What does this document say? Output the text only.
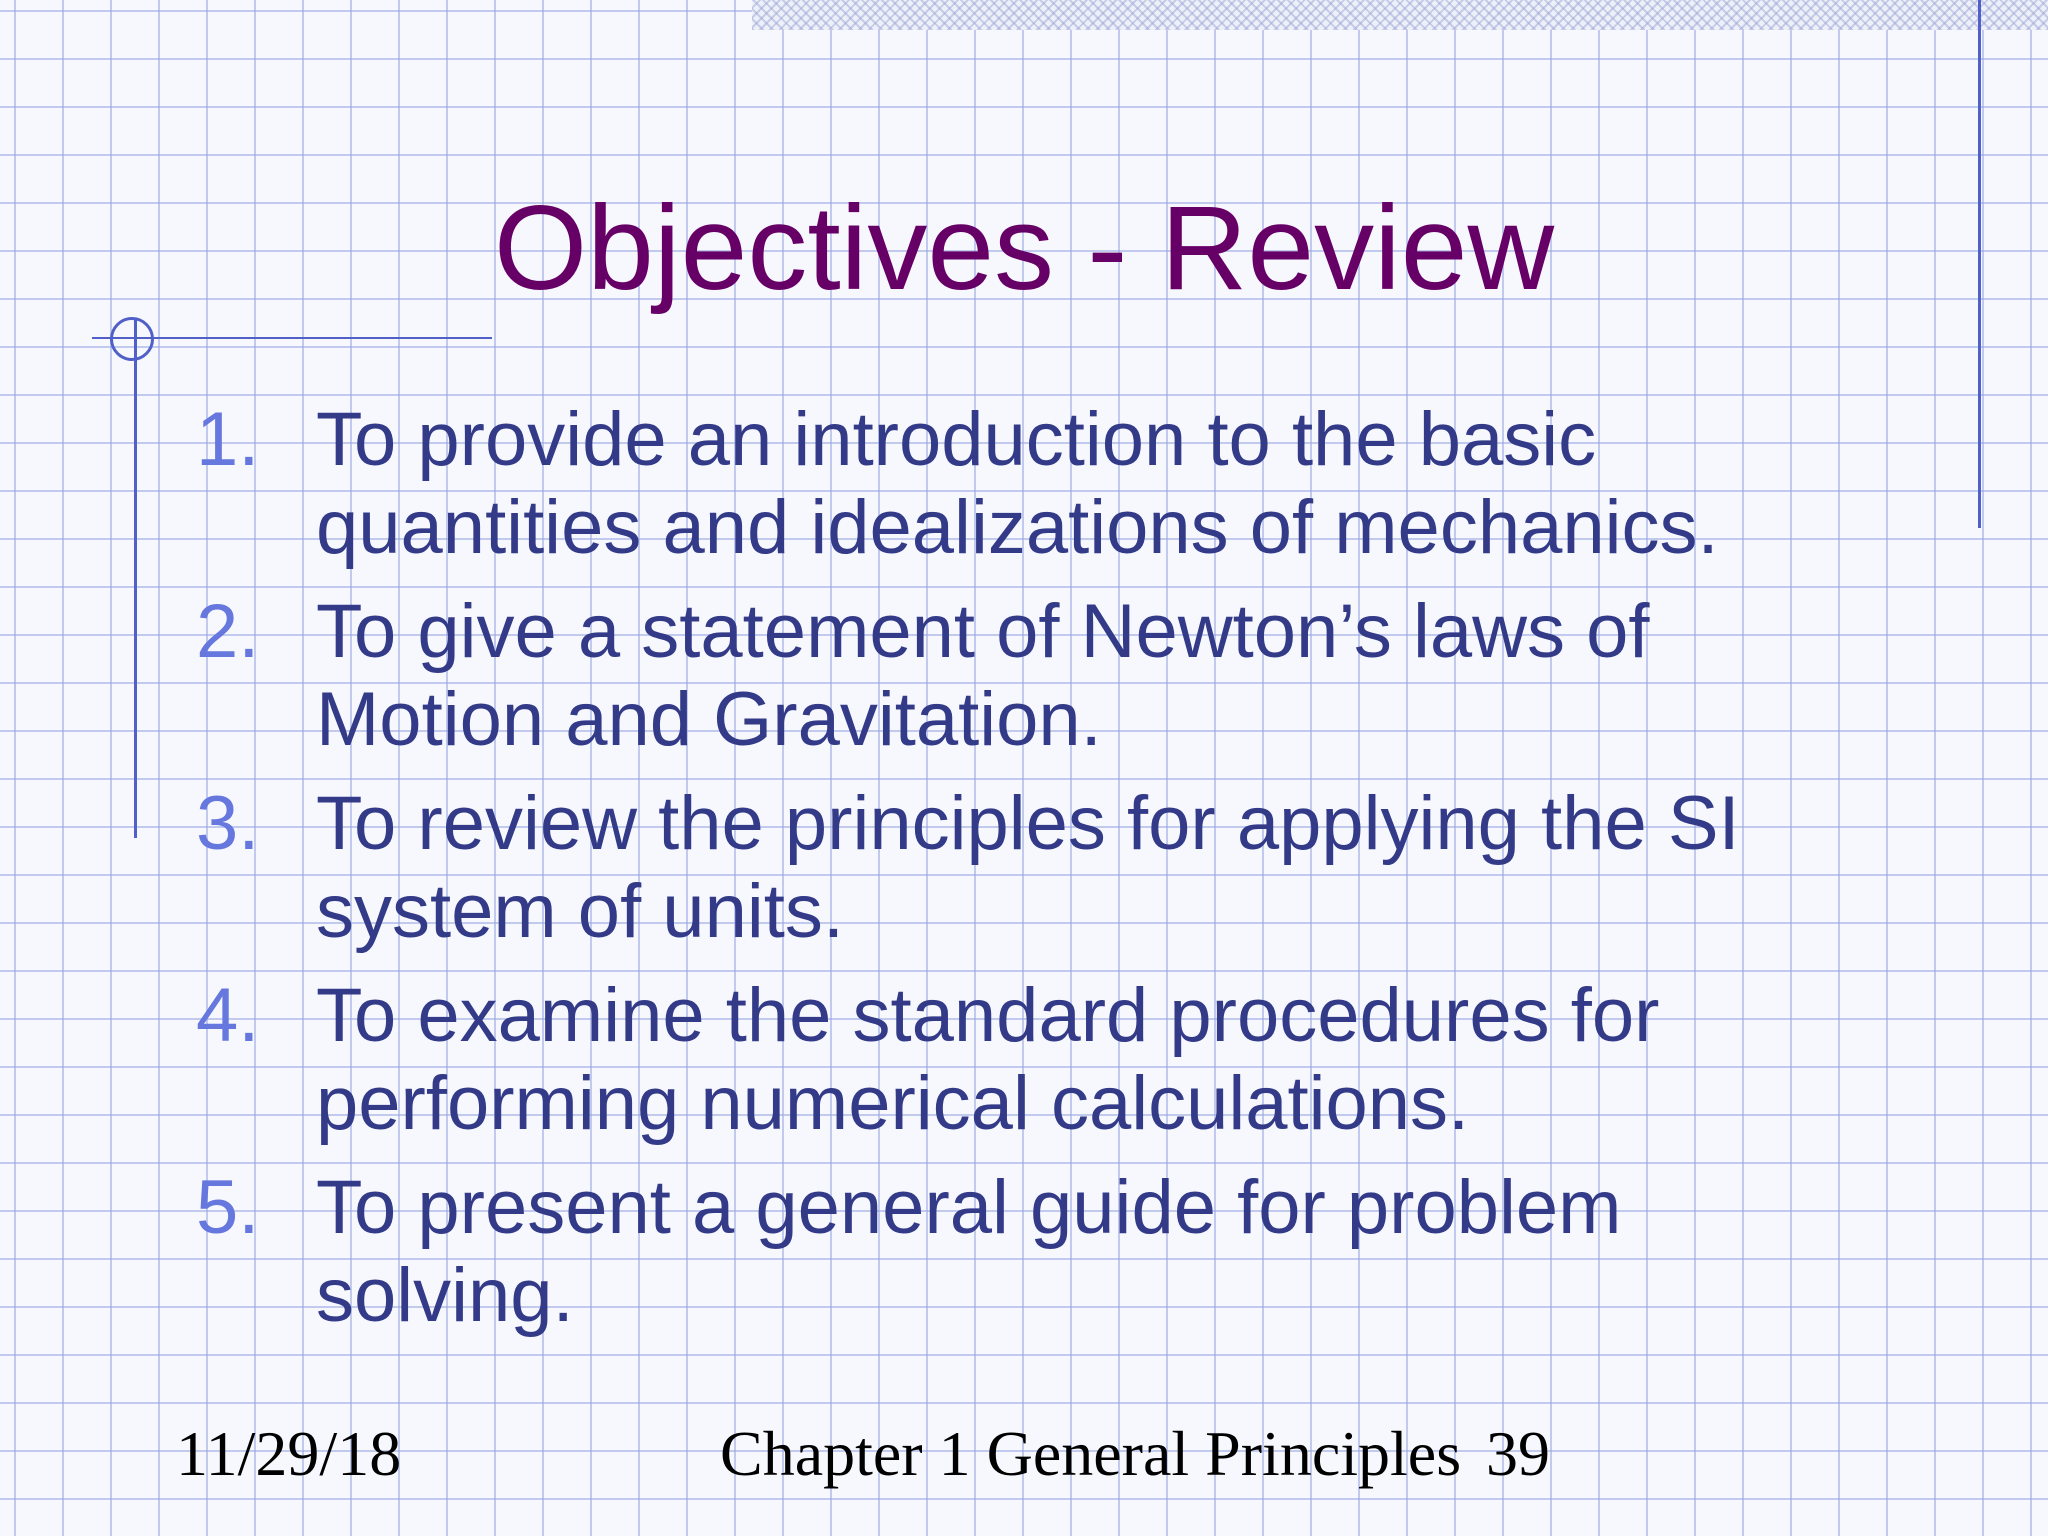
Objectives - Review
1. To provide an introduction to the basic quantities and idealizations of mechanics.
2. To give a statement of Newton’s laws of Motion and Gravitation.
3. To review the principles for applying the SI system of units.
4. To examine the standard procedures for performing numerical calculations.
5. To present a general guide for problem solving.
11/29/18	Chapter 1 General Principles 39
